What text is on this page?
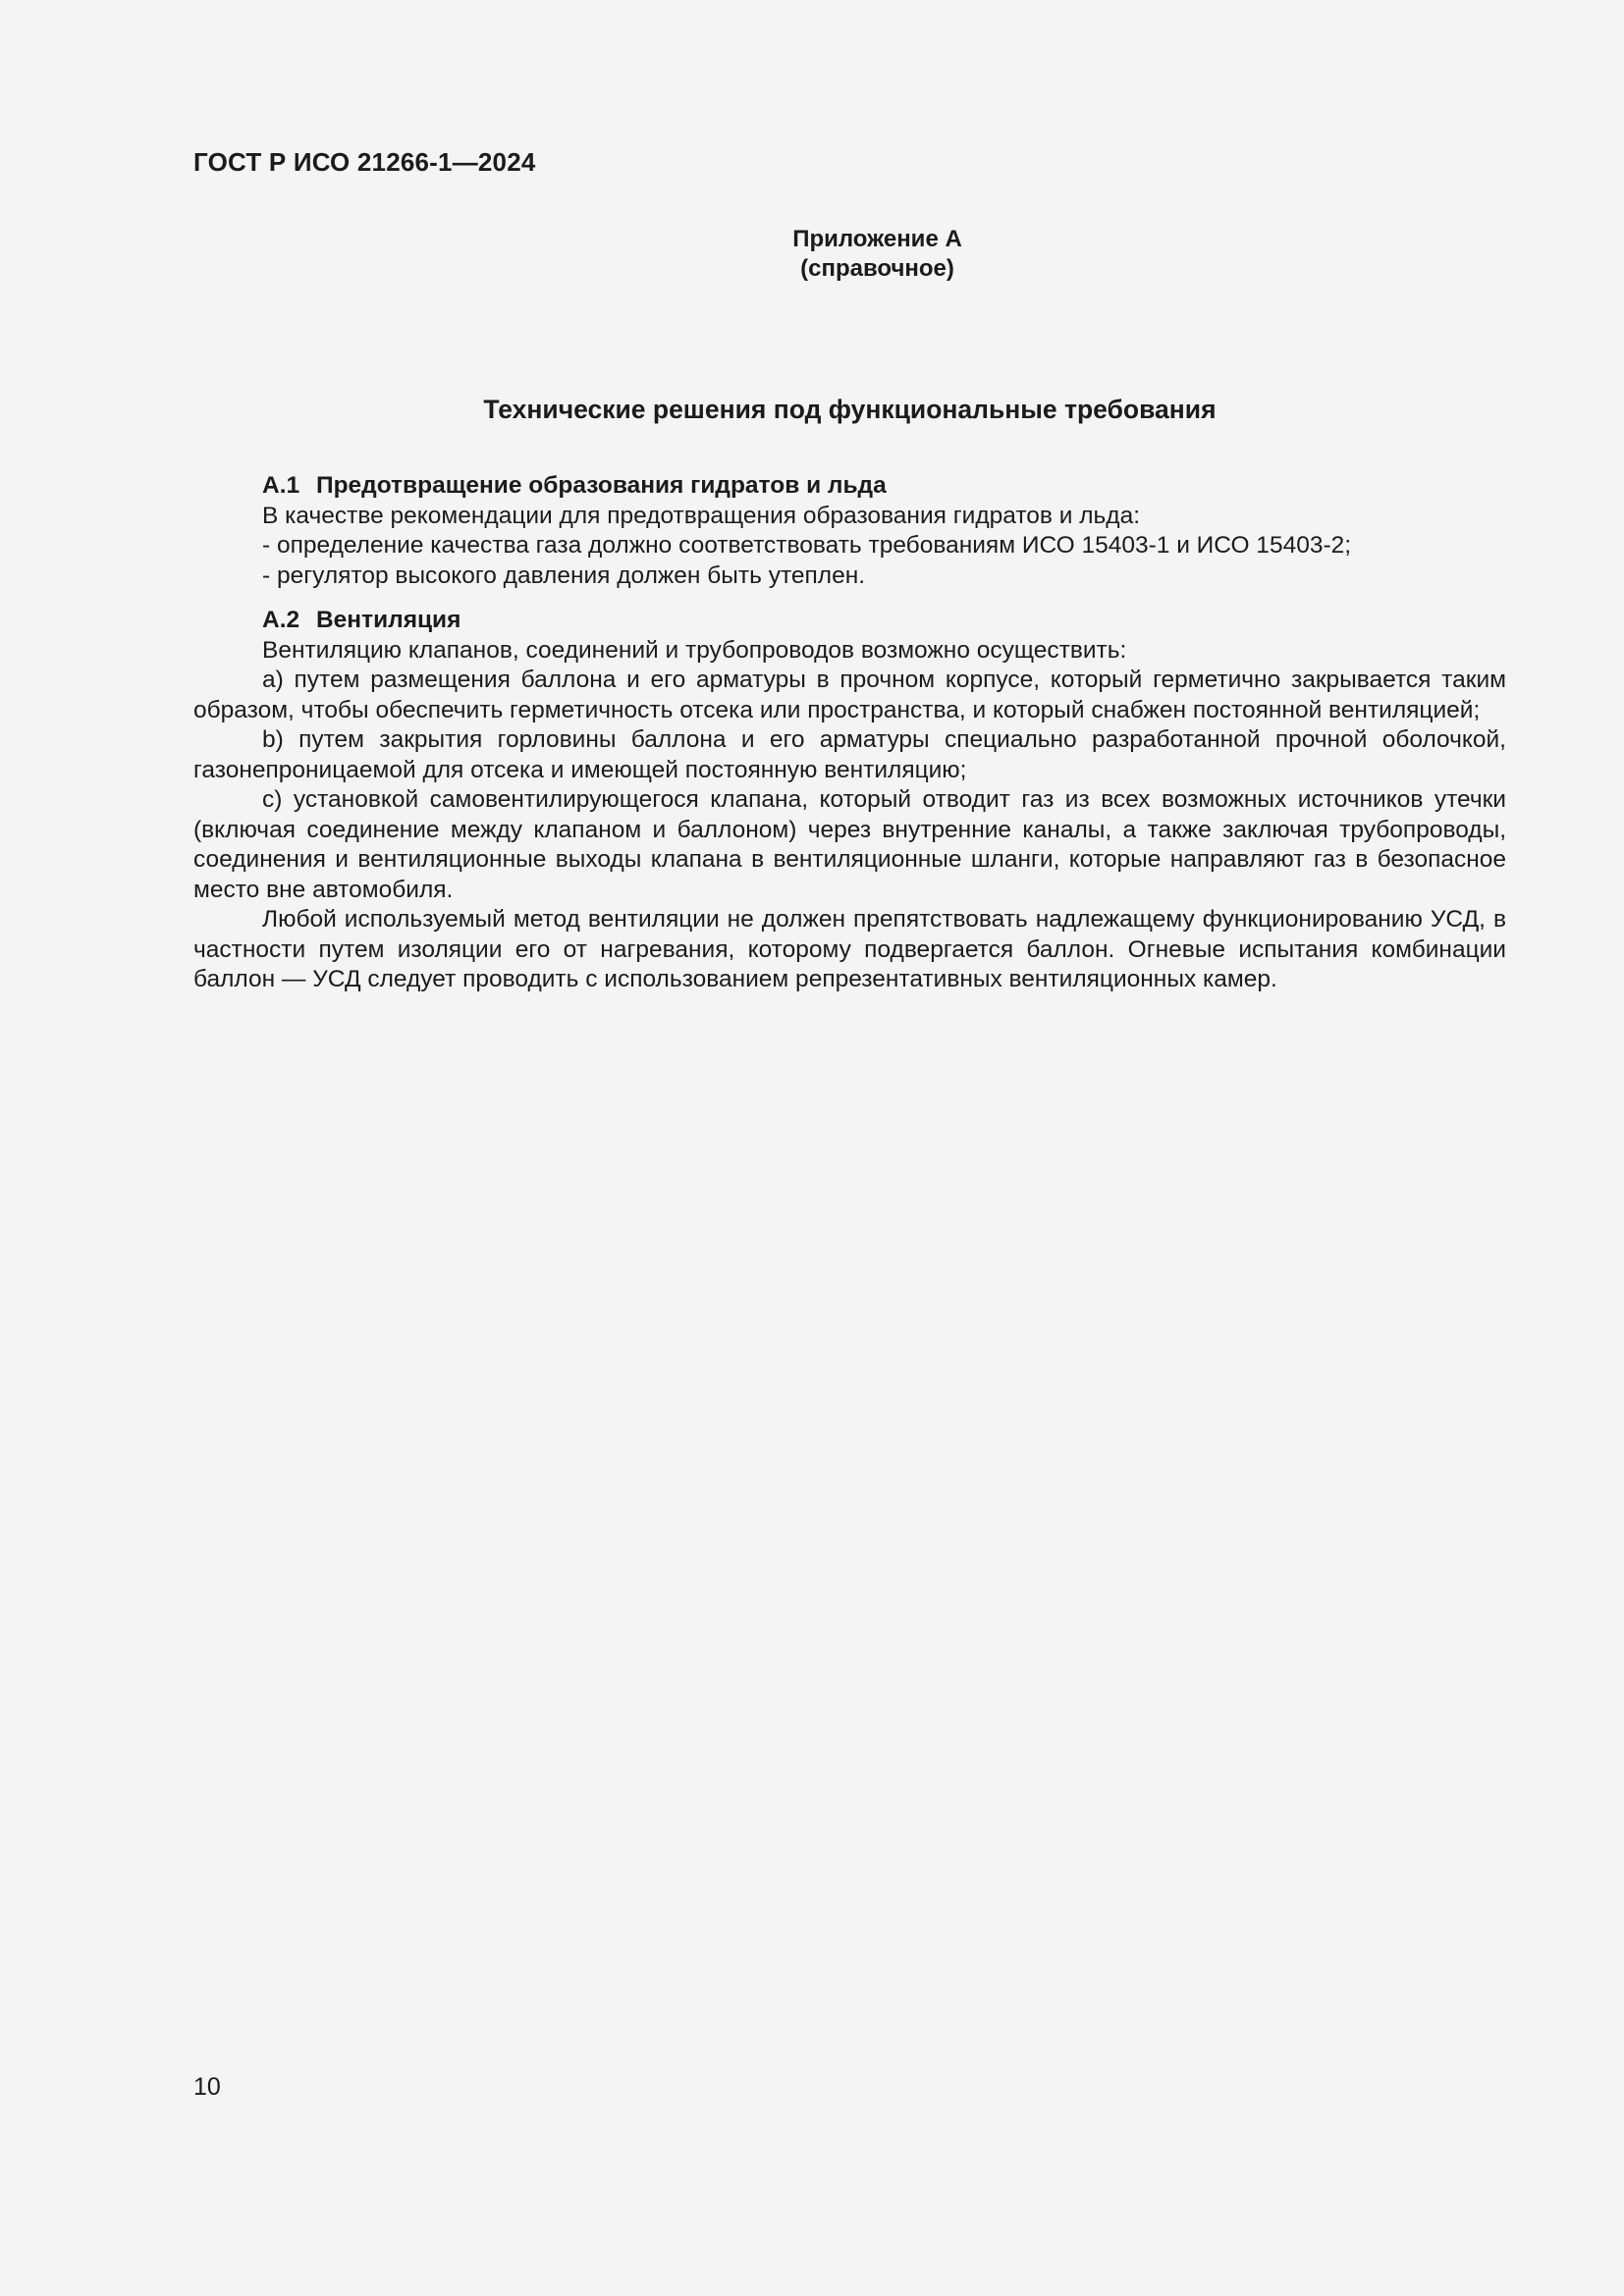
ГОСТ Р ИСО 21266-1—2024
Приложение А
(справочное)
Технические решения под функциональные требования
А.1 Предотвращение образования гидратов и льда

В качестве рекомендации для предотвращения образования гидратов и льда:

- определение качества газа должно соответствовать требованиям ИСО 15403-1 и ИСО 15403-2;

- регулятор высокого давления должен быть утеплен.

А.2 Вентиляция

Вентиляцию клапанов, соединений и трубопроводов возможно осуществить:

а) путем размещения баллона и его арматуры в прочном корпусе, который герметично закрывается таким образом, чтобы обеспечить герметичность отсека или пространства, и который снабжен постоянной вентиляцией;

b) путем закрытия горловины баллона и его арматуры специально разработанной прочной оболочкой, газонепроницаемой для отсека и имеющей постоянную вентиляцию;

c) установкой самовентилирующегося клапана, который отводит газ из всех возможных источников утечки (включая соединение между клапаном и баллоном) через внутренние каналы, а также заключая трубопроводы, соединения и вентиляционные выходы клапана в вентиляционные шланги, которые направляют газ в безопасное место вне автомобиля.

Любой используемый метод вентиляции не должен препятствовать надлежащему функционированию УСД, в частности путем изоляции его от нагревания, которому подвергается баллон. Огневые испытания комбинации баллон — УСД следует проводить с использованием репрезентативных вентиляционных камер.

10
